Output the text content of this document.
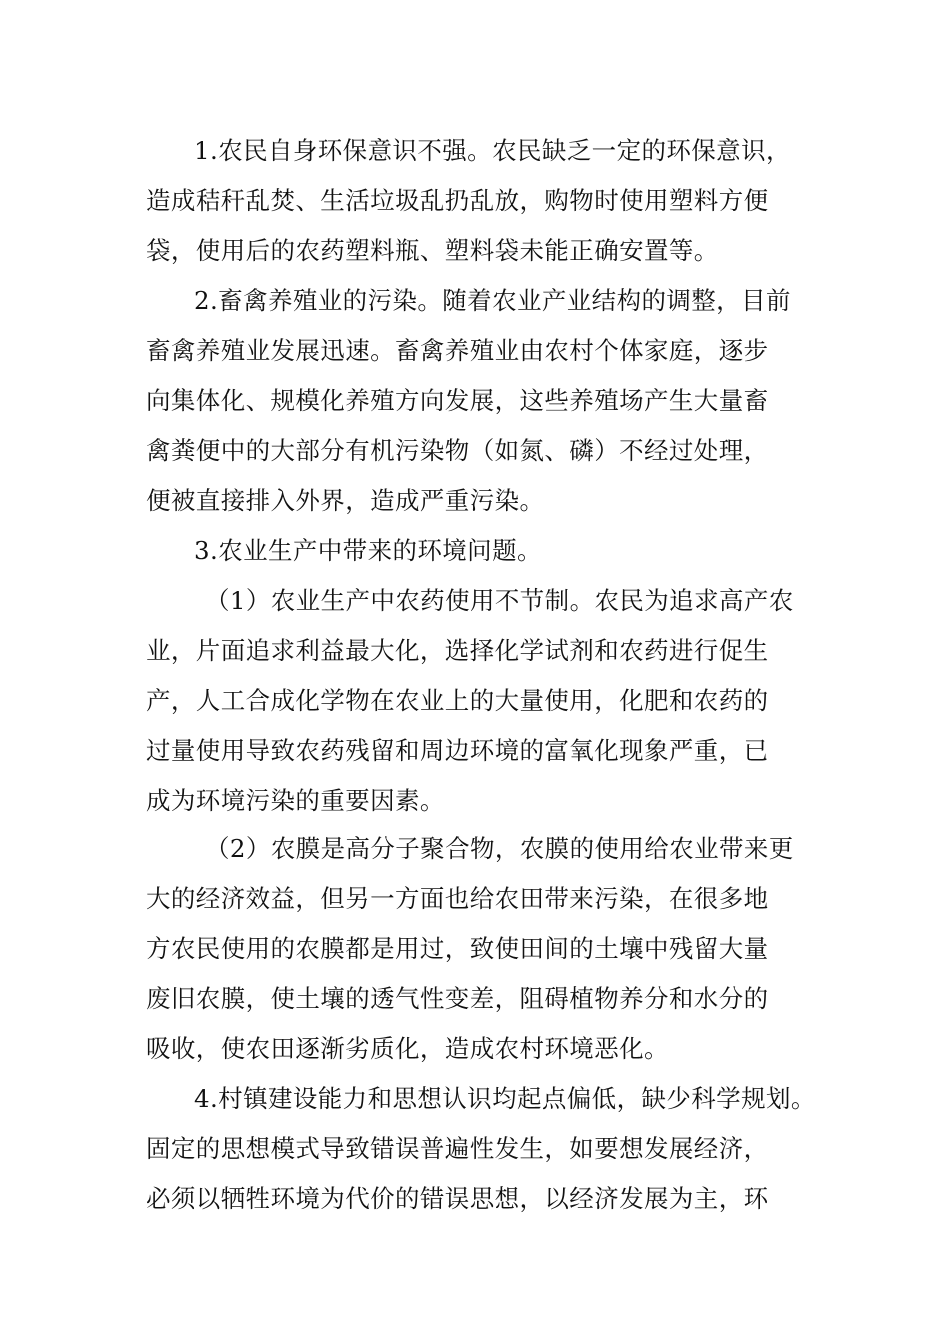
1.农民自身环保意识不强。农民缺乏一定的环保意识，
造成秸秆乱焚、生活垃圾乱扔乱放，购物时使用塑料方便
袋，使用后的农药塑料瓶、塑料袋未能正确安置等。
2.畜禽养殖业的污染。随着农业产业结构的调整，目前
畜禽养殖业发展迅速。畜禽养殖业由农村个体家庭，逐步
向集体化、规模化养殖方向发展，这些养殖场产生大量畜
禽粪便中的大部分有机污染物（如氮、磷）不经过处理，
便被直接排入外界，造成严重污染。
3.农业生产中带来的环境问题。
（1）农业生产中农药使用不节制。农民为追求高产农
业，片面追求利益最大化，选择化学试剂和农药进行促生
产，人工合成化学物在农业上的大量使用，化肥和农药的
过量使用导致农药残留和周边环境的富氧化现象严重，已
成为环境污染的重要因素。
（2）农膜是高分子聚合物，农膜的使用给农业带来更
大的经济效益，但另一方面也给农田带来污染，在很多地
方农民使用的农膜都是用过，致使田间的土壤中残留大量
废旧农膜，使土壤的透气性变差，阻碍植物养分和水分的
吸收，使农田逐渐劣质化，造成农村环境恶化。
4.村镇建设能力和思想认识均起点偏低，缺少科学规划。
固定的思想模式导致错误普遍性发生，如要想发展经济，
必须以牺牲环境为代价的错误思想，以经济发展为主，环
